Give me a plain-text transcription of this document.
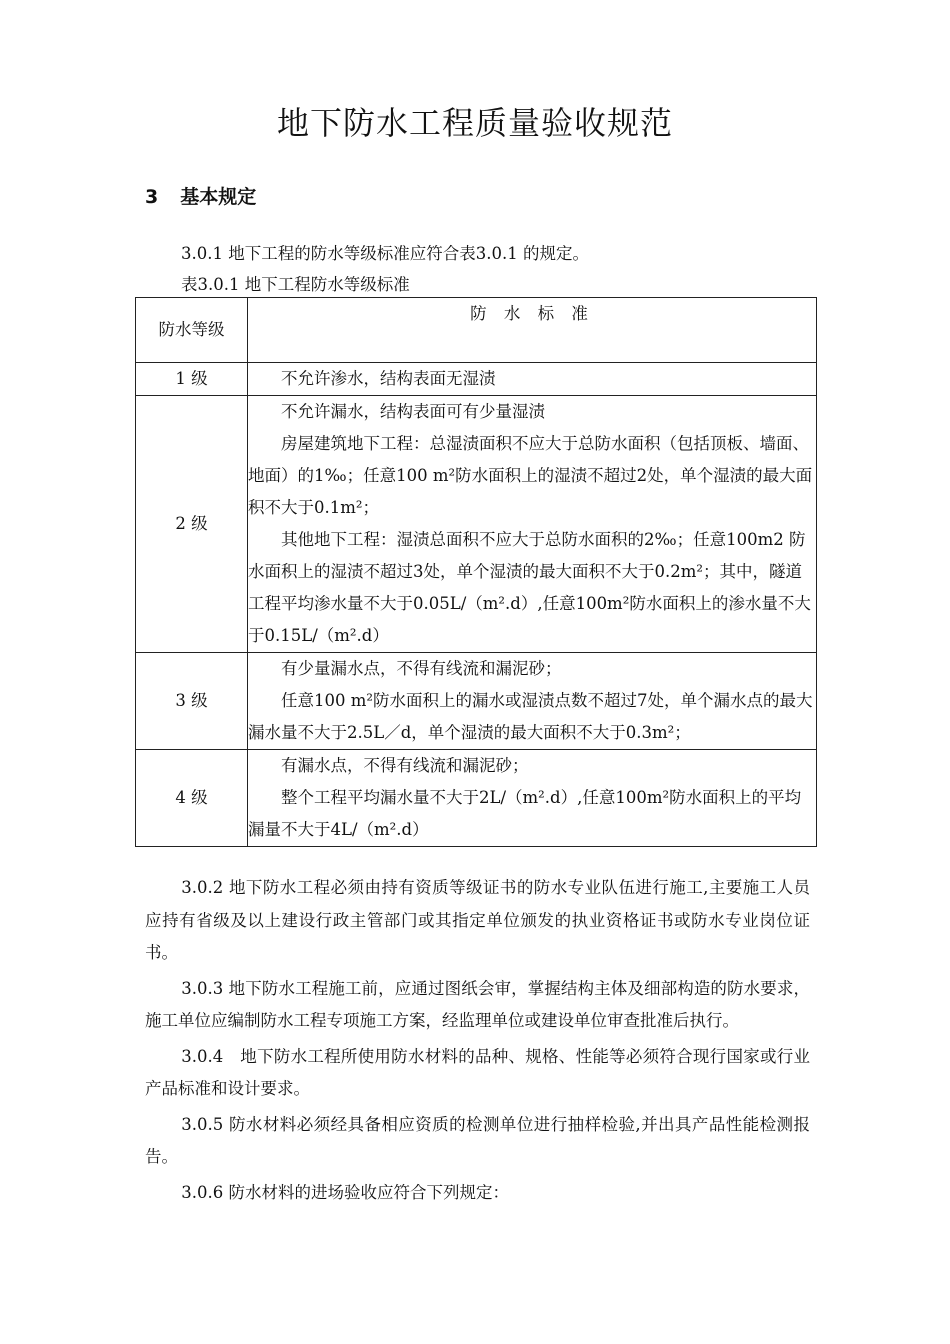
地下防水工程质量验收规范
3 基本规定
3.0.1 地下工程的防水等级标准应符合表3.0.1 的规定。
表3.0.1 地下工程防水等级标准
防水等级	防 水 标 准
1 级	不允许渗水，结构表面无湿渍

2 级	不允许漏水，结构表面可有少量湿渍

房屋建筑地下工程：总湿渍面积不应大于总防水面积（包括顶板、墙面、地面）的1‰；任意100 m²防水面积上的湿渍不超过2处，单个湿渍的最大面积不大于0.1m²；

其他地下工程：湿渍总面积不应大于总防水面积的2‰；任意100m2 防水面积上的湿渍不超过3处，单个湿渍的最大面积不大于0.2m²；其中，隧道工程平均渗水量不大于0.05L/（m².d）,任意100m²防水面积上的渗水量不大于0.15L/（m².d）

3 级	有少量漏水点，不得有线流和漏泥砂；

任意100 m²防水面积上的漏水或湿渍点数不超过7处，单个漏水点的最大漏水量不大于2.5L／d，单个湿渍的最大面积不大于0.3m²；

4 级	有漏水点，不得有线流和漏泥砂；

整个工程平均漏水量不大于2L/（m².d）,任意100m²防水面积上的平均漏量不大于4L/（m².d）

3.0.2 地下防水工程必须由持有资质等级证书的防水专业队伍进行施工,主要施工人员应持有省级及以上建设行政主管部门或其指定单位颁发的执业资格证书或防水专业岗位证书。

3.0.3 地下防水工程施工前，应通过图纸会审，掌握结构主体及细部构造的防水要求，施工单位应编制防水工程专项施工方案，经监理单位或建设单位审查批准后执行。

3.0.4　地下防水工程所使用防水材料的品种、规格、性能等必须符合现行国家或行业产品标准和设计要求。

3.0.5 防水材料必须经具备相应资质的检测单位进行抽样检验,并出具产品性能检测报告。

3.0.6 防水材料的进场验收应符合下列规定：
